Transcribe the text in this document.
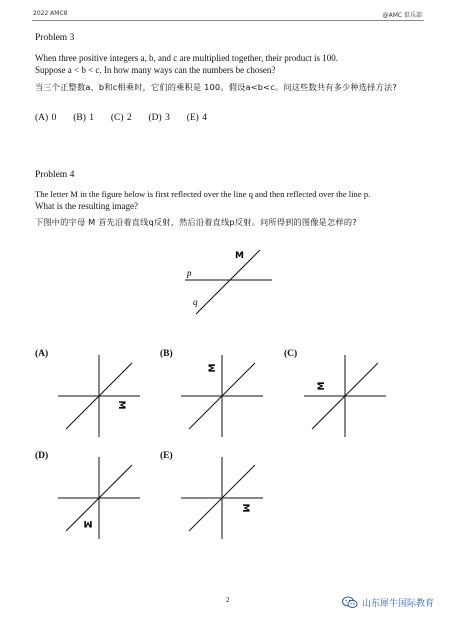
2022 AMC8	@AMC 俱乐部
Problem 3
When three positive integers a, b, and c are multiplied together, their product is 100.
Suppose a < b < c. In how many ways can the numbers be chosen?
当三个正整数a、b和c相乘时，它们的乘积是 100。假设a<b<c。问这些数共有多少种选择方法?
(A) 0     (B) 1     (C) 2     (D) 3     (E) 4
Problem 4
The letter M in the figure below is first reflected over the line q and then reflected over the line p.
What is the resulting image?
下图中的字母 M 首先沿着直线q反射，然后沿着直线p反射。问所得到的图像是怎样的?
M
p
q
(A)
M
(B)
M
(C)
M
(D)
M
(E)
M
2	山东犀牛国际教育
